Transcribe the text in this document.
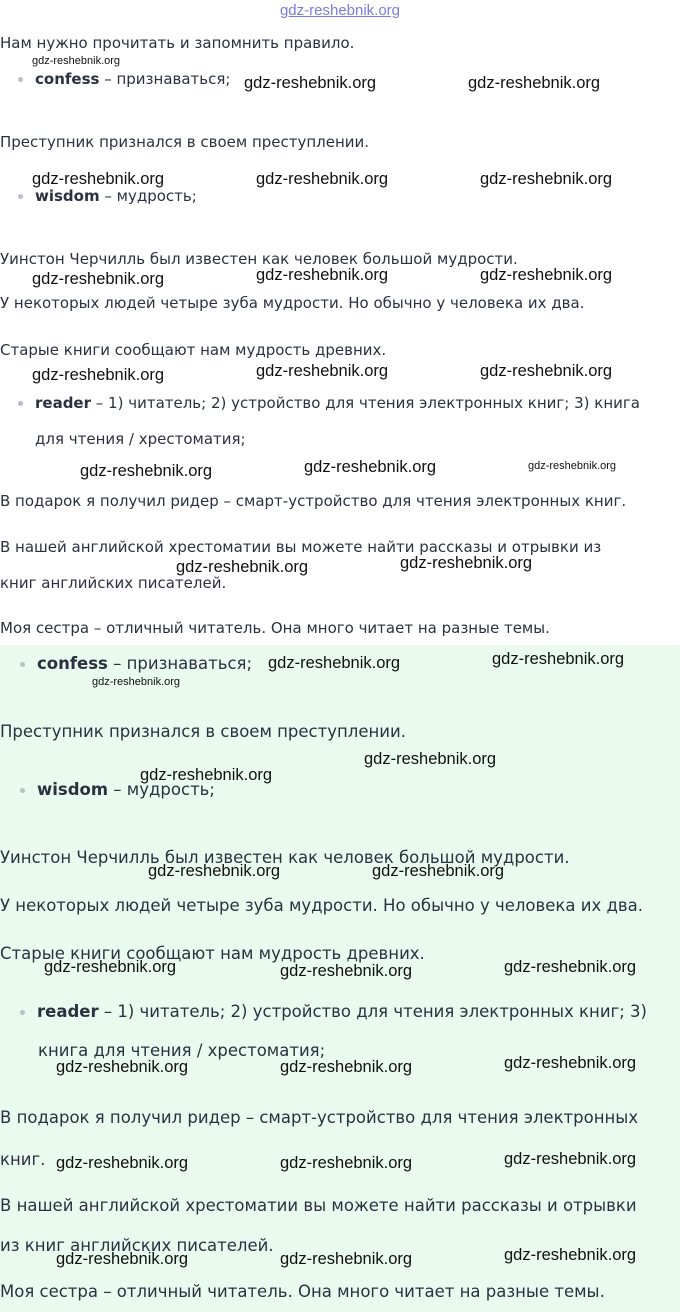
gdz-reshebnik.org
Нам нужно прочитать и запомнить правило.
gdz-reshebnik.org
confess – признаваться; gdz-reshebnik.org	gdz-reshebnik.org
Преступник признался в своем преступлении.
gdz-reshebnik.org	gdz-reshebnik.org	gdz-reshebnik.org
wisdom – мудрость;
Уинстон Черчилль был известен как человек большой мудрости.
gdz-reshebnik.org	gdz-reshebnik.org	gdz-reshebnik.org
У некоторых людей четыре зуба мудрости. Но обычно у человека их два.
Старые книги сообщают нам мудрость древних.
gdz-reshebnik.org	gdz-reshebnik.org	gdz-reshebnik.org
reader – 1) читатель; 2) устройство для чтения электронных книг; 3) книга
для чтения / хрестоматия;
gdz-reshebnik.org	gdz-reshebnik.org	gdz-reshebnik.org
В подарок я получил ридер – смарт-устройство для чтения электронных книг.
В нашей английской хрестоматии вы можете найти рассказы и отрывки из
книг английских писателей.
gdz-reshebnik.org	gdz-reshebnik.org
Моя сестра – отличный читатель. Она много читает на разные темы.
confess – признаваться; gdz-reshebnik.org	gdz-reshebnik.org
gdz-reshebnik.org
Преступник признался в своем преступлении.
gdz-reshebnik.org
gdz-reshebnik.org
wisdom – мудрость;
Уинстон Черчилль был известен как человек большой мудрости.
gdz-reshebnik.org	gdz-reshebnik.org
У некоторых людей четыре зуба мудрости. Но обычно у человека их два.
Старые книги сообщают нам мудрость древних.
gdz-reshebnik.org	gdz-reshebnik.org	gdz-reshebnik.org
reader – 1) читатель; 2) устройство для чтения электронных книг; 3)
книга для чтения / хрестоматия;
gdz-reshebnik.org	gdz-reshebnik.org	gdz-reshebnik.org
В подарок я получил ридер – смарт-устройство для чтения электронных
книг. gdz-reshebnik.org	gdz-reshebnik.org	gdz-reshebnik.org
В нашей английской хрестоматии вы можете найти рассказы и отрывки
из книг английских писателей.
gdz-reshebnik.org	gdz-reshebnik.org	gdz-reshebnik.org
Моя сестра – отличный читатель. Она много читает на разные темы.
